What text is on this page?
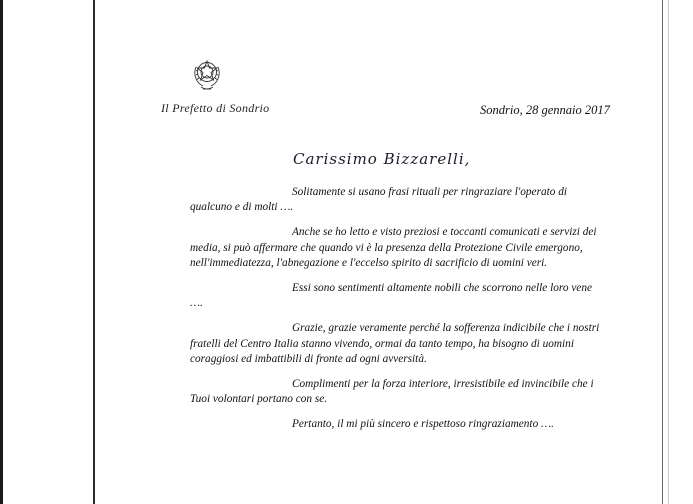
Il Prefetto di Sondrio	Sondrio, 28 gennaio 2017
Carissimo Bizzarelli,

Solitamente si usano frasi rituali per ringraziare l'operato di qualcuno e di molti ….

Anche se ho letto e visto preziosi e toccanti comunicati e servizi dei media, si può affermare che quando vi è la presenza della Protezione Civile emergono, nell'immediatezza, l'abnegazione e l'eccelso spirito di sacrificio di uomini veri.

Essi sono sentimenti altamente nobili che scorrono nelle loro vene ….

Grazie, grazie veramente perché la sofferenza indicibile che i nostri fratelli del Centro Italia stanno vivendo, ormai da tanto tempo, ha bisogno di uomini coraggiosi ed imbattibili di fronte ad ogni avversità.

Complimenti per la forza interiore, irresistibile ed invincibile che i Tuoi volontari portano con se.

Pertanto, il mi più sincero e rispettoso ringraziamento ….
